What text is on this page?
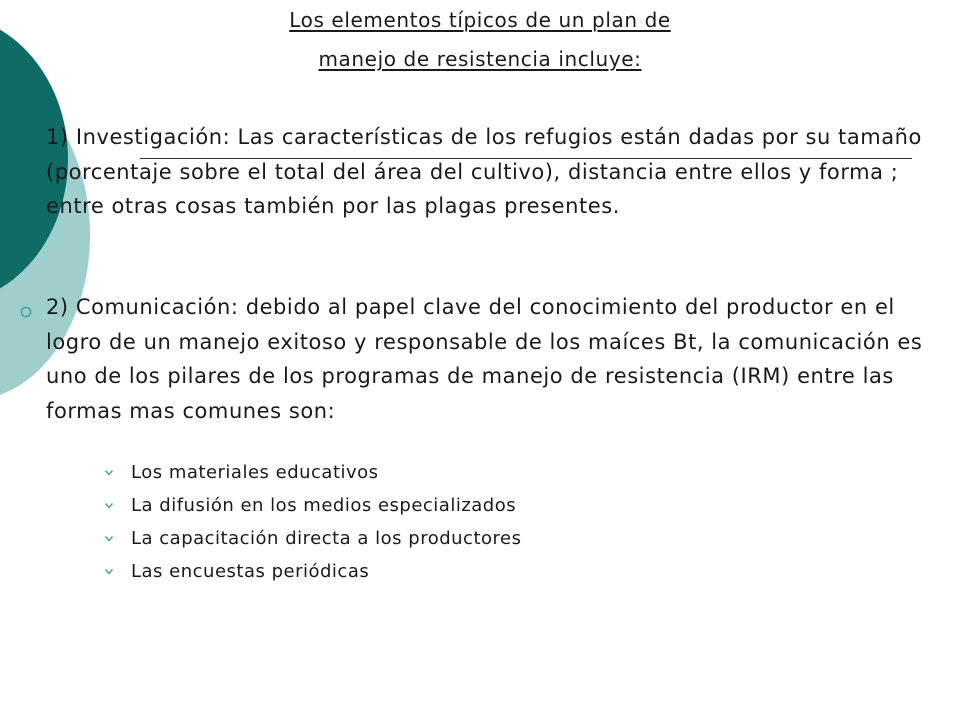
Los elementos típicos de un plan de
manejo de resistencia incluye:
1) Investigación: Las características de los refugios están dadas por su tamaño (porcentaje sobre el total del área del cultivo), distancia entre ellos y forma ; entre otras cosas también por las plagas presentes.
2) Comunicación: debido al papel clave del conocimiento del productor en el logro de un manejo exitoso y responsable de los maíces Bt, la comunicación es uno de los pilares de los programas de manejo de resistencia (IRM) entre las formas mas comunes son:
Los materiales educativos
La difusión en los medios especializados
La capacitación directa a los productores
Las encuestas periódicas
